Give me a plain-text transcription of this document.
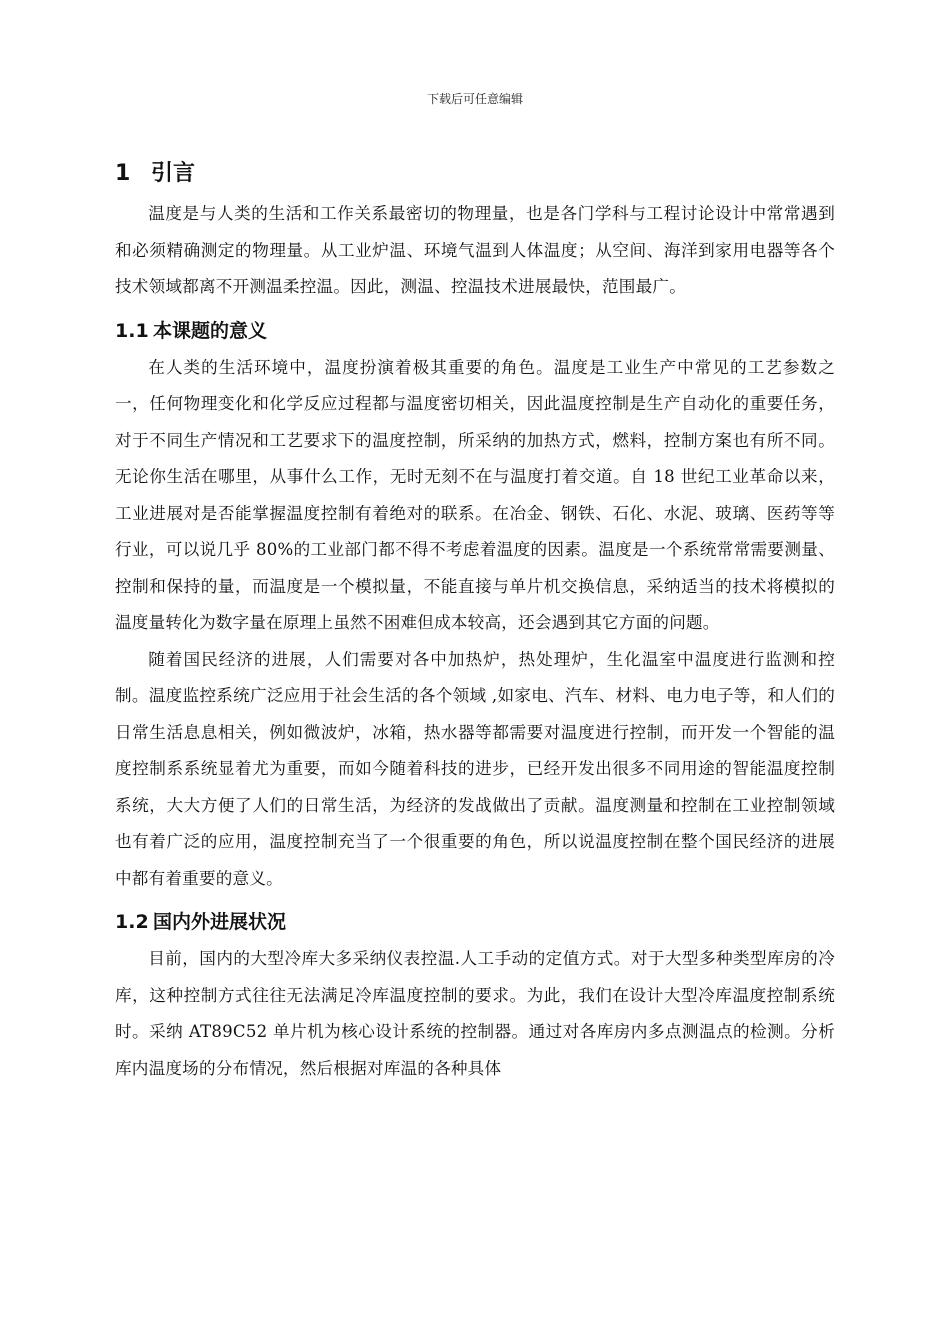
下载后可任意编辑
1 引言

温度是与人类的生活和工作关系最密切的物理量，也是各门学科与工程讨论设计中常常遇到和必须精确测定的物理量。从工业炉温、环境气温到人体温度；从空间、海洋到家用电器等各个技术领域都离不开测温柔控温。因此，测温、控温技术进展最快，范围最广。

1.1 本课题的意义

在人类的生活环境中，温度扮演着极其重要的角色。温度是工业生产中常见的工艺参数之一，任何物理变化和化学反应过程都与温度密切相关，因此温度控制是生产自动化的重要任务，对于不同生产情况和工艺要求下的温度控制，所采纳的加热方式，燃料，控制方案也有所不同。无论你生活在哪里，从事什么工作，无时无刻不在与温度打着交道。自 18 世纪工业革命以来，工业进展对是否能掌握温度控制有着绝对的联系。在冶金、钢铁、石化、水泥、玻璃、医药等等行业，可以说几乎 80%的工业部门都不得不考虑着温度的因素。温度是一个系统常常需要测量、控制和保持的量，而温度是一个模拟量，不能直接与单片机交换信息，采纳适当的技术将模拟的温度量转化为数字量在原理上虽然不困难但成本较高，还会遇到其它方面的问题。

随着国民经济的进展，人们需要对各中加热炉，热处理炉，生化温室中温度进行监测和控制。温度监控系统广泛应用于社会生活的各个领域 ,如家电、汽车、材料、电力电子等，和人们的日常生活息息相关，例如微波炉，冰箱，热水器等都需要对温度进行控制，而开发一个智能的温度控制系系统显着尤为重要，而如今随着科技的进步，已经开发出很多不同用途的智能温度控制系统，大大方便了人们的日常生活，为经济的发战做出了贡献。温度测量和控制在工业控制领域也有着广泛的应用，温度控制充当了一个很重要的角色，所以说温度控制在整个国民经济的进展中都有着重要的意义。

1.2 国内外进展状况

目前，国内的大型冷库大多采纳仪表控温.人工手动的定值方式。对于大型多种类型库房的冷库，这种控制方式往往无法满足冷库温度控制的要求。为此，我们在设计大型冷库温度控制系统时。采纳 AT89C52 单片机为核心设计系统的控制器。通过对各库房内多点测温点的检测。分析库内温度场的分布情况，然后根据对库温的各种具体
